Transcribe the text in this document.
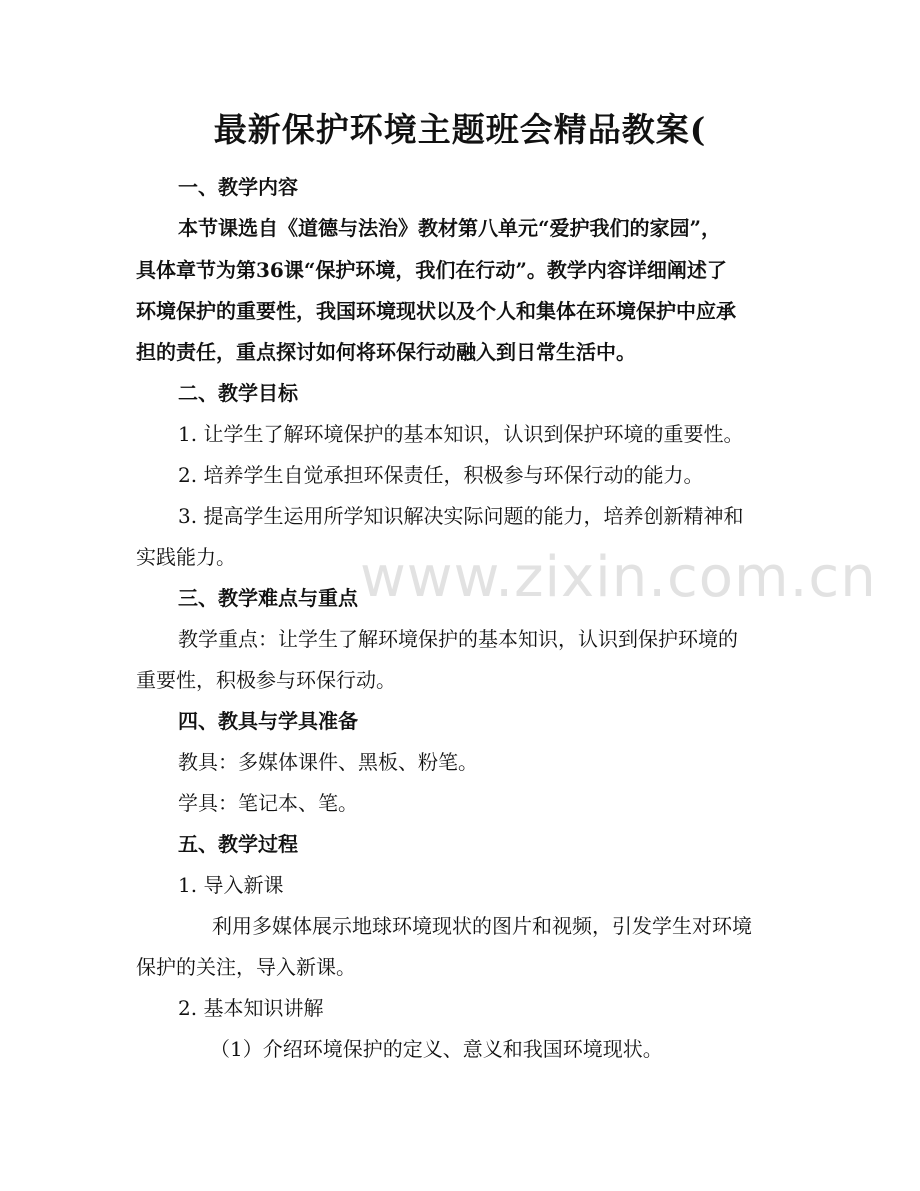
最新保护环境主题班会精品教案(

一、教学内容

本节课选自《道德与法治》教材第八单元“爱护我们的家园”，

具体章节为第36课“保护环境，我们在行动”。教学内容详细阐述了

环境保护的重要性，我国环境现状以及个人和集体在环境保护中应承

担的责任，重点探讨如何将环保行动融入到日常生活中。

二、教学目标

1. 让学生了解环境保护的基本知识，认识到保护环境的重要性。

2. 培养学生自觉承担环保责任，积极参与环保行动的能力。

3. 提高学生运用所学知识解决实际问题的能力，培养创新精神和

实践能力。

三、教学难点与重点

教学重点：让学生了解环境保护的基本知识，认识到保护环境的

重要性，积极参与环保行动。

四、教具与学具准备

教具：多媒体课件、黑板、粉笔。

学具：笔记本、笔。

五、教学过程

1. 导入新课

利用多媒体展示地球环境现状的图片和视频，引发学生对环境

保护的关注，导入新课。

2. 基本知识讲解

（1）介绍环境保护的定义、意义和我国环境现状。

www.zixin.com.cn
